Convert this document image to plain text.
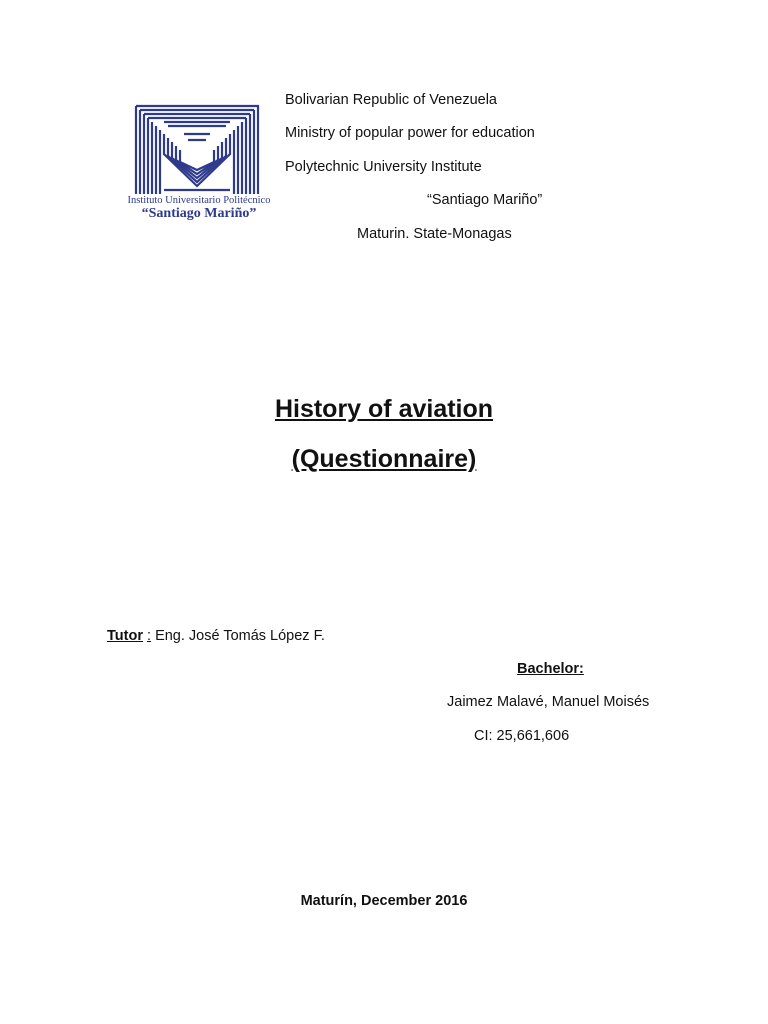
Instituto Universitario Politécnico
“Santiago Mariño”
Bolivarian Republic of Venezuela
Ministry of popular power for education
Polytechnic University Institute
“Santiago Mariño”
Maturin. State-Monagas
History of aviation
(Questionnaire)
Tutor : Eng. José Tomás López F.
Bachelor:
Jaimez Malavé, Manuel Moisés
CI: 25,661,606
Maturín, December 2016
